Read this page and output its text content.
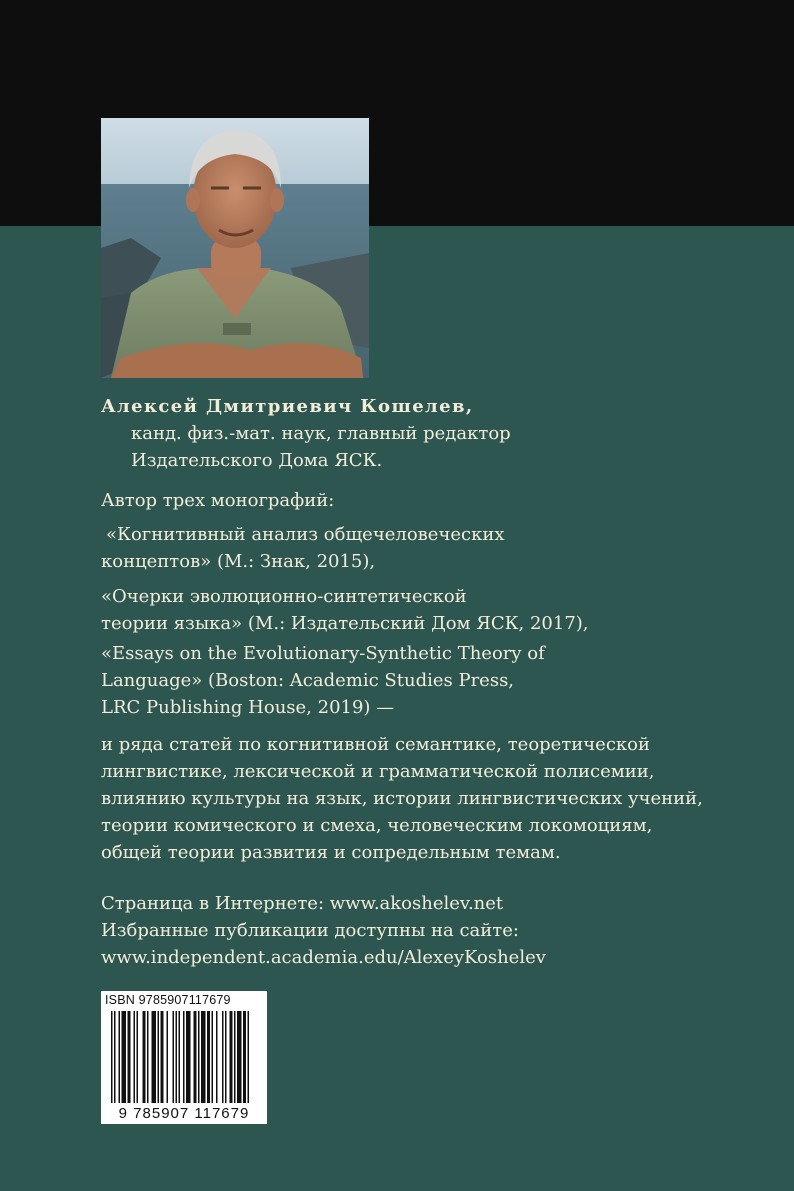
Алексей Дмитриевич Кошелев,

канд. физ.-мат. наук, главный редактор
Издательского Дома ЯСК.

Автор трех монографий:

«Когнитивный анализ общечеловеческих
концептов» (М.: Знак, 2015),
«Очерки эволюционно-синтетической
теории языка» (М.: Издательский Дом ЯСК, 2017),
«Essays on the Evolutionary-Synthetic Theory of
Language» (Boston: Academic Studies Press,
LRC Publishing House, 2019) —
и ряда статей по когнитивной семантике, теоретической
лингвистике, лексической и грамматической полисемии,
влиянию культуры на язык, истории лингвистических учений,
теории комического и смеха, человеческим локомоциям,
общей теории развития и сопредельным темам.
Страница в Интернете: www.akoshelev.net
Избранные публикации доступны на сайте:
www.independent.academia.edu/AlexeyKoshelev
ISBN 9785907117679
9 785907 117679
